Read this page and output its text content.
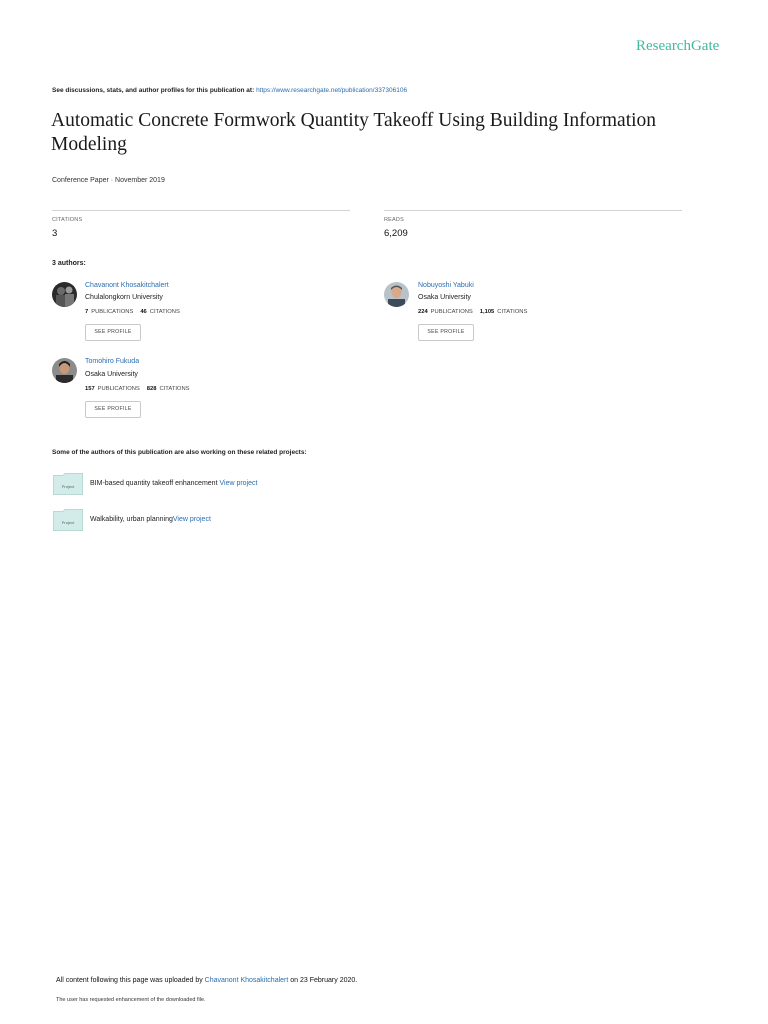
ResearchGate
See discussions, stats, and author profiles for this publication at: https://www.researchgate.net/publication/337306106
Automatic Concrete Formwork Quantity Takeoff Using Building Information Modeling
Conference Paper · November 2019
CITATIONS
3
READS
6,209
3 authors:
Chavanont Khosakitchalert
Chulalongkorn University
7 PUBLICATIONS 46 CITATIONS
SEE PROFILE
Nobuyoshi Yabuki
Osaka University
224 PUBLICATIONS 1,105 CITATIONS
SEE PROFILE
Tomohiro Fukuda
Osaka University
157 PUBLICATIONS 828 CITATIONS
SEE PROFILE
Some of the authors of this publication are also working on these related projects:
Project BIM-based quantity takeoff enhancement View project
Project Walkability, urban planningView project
All content following this page was uploaded by Chavanont Khosakitchalert on 23 February 2020.
The user has requested enhancement of the downloaded file.
